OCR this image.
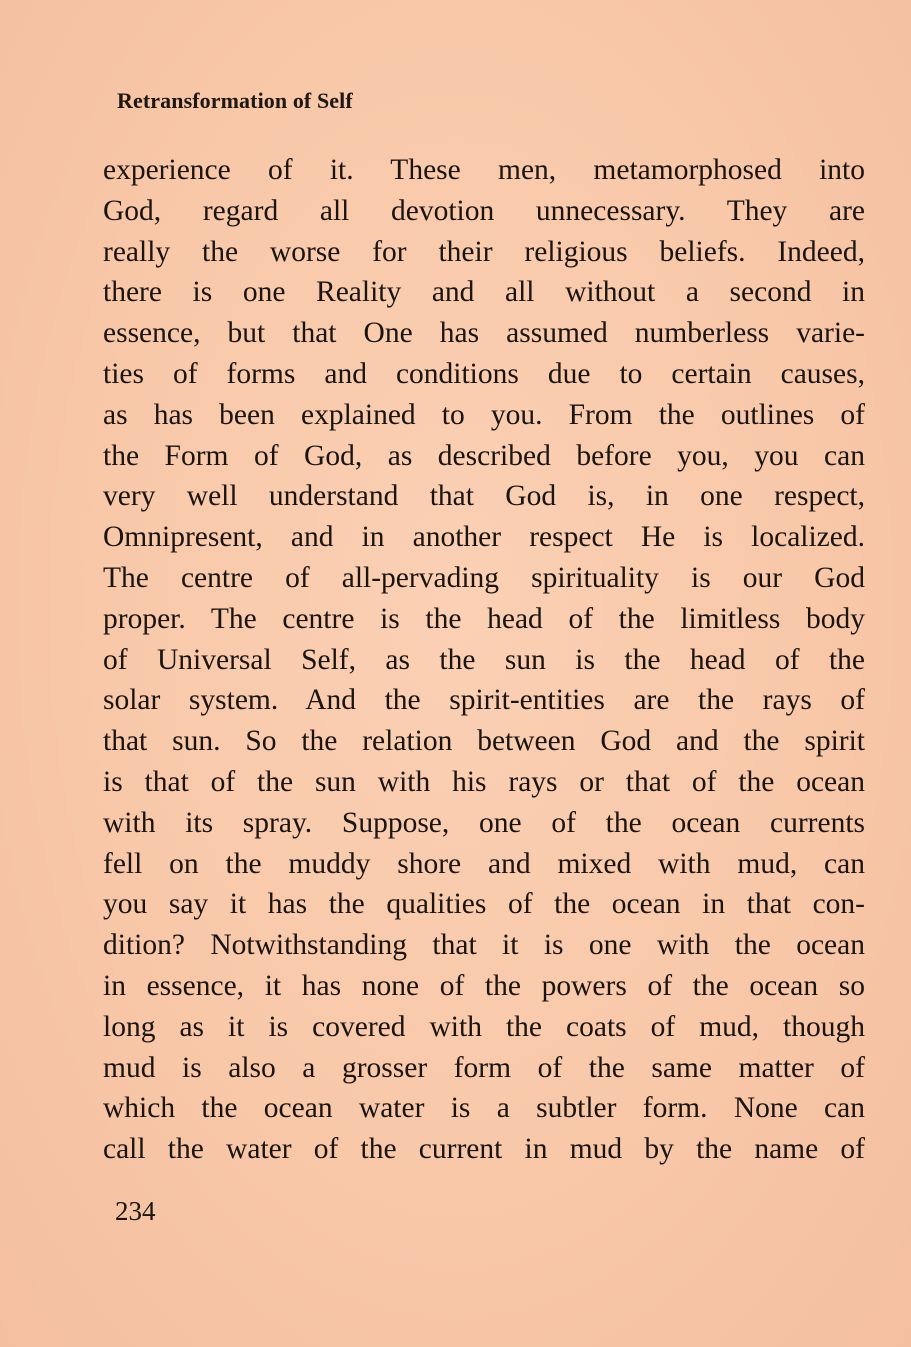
Retransformation of Self
experience of it. These men, metamorphosed into
God, regard all devotion unnecessary. They are
really the worse for their religious beliefs. Indeed,
there is one Reality and all without a second in
essence, but that One has assumed numberless varie-
ties of forms and conditions due to certain causes,
as has been explained to you. From the outlines of
the Form of God, as described before you, you can
very well understand that God is, in one respect,
Omnipresent, and in another respect He is localized.
The centre of all-pervading spirituality is our God
proper. The centre is the head of the limitless body
of Universal Self, as the sun is the head of the
solar system. And the spirit-entities are the rays of
that sun. So the relation between God and the spirit
is that of the sun with his rays or that of the ocean
with its spray. Suppose, one of the ocean currents
fell on the muddy shore and mixed with mud, can
you say it has the qualities of the ocean in that con-
dition? Notwithstanding that it is one with the ocean
in essence, it has none of the powers of the ocean so
long as it is covered with the coats of mud, though
mud is also a grosser form of the same matter of
which the ocean water is a subtler form. None can
call the water of the current in mud by the name of
234
